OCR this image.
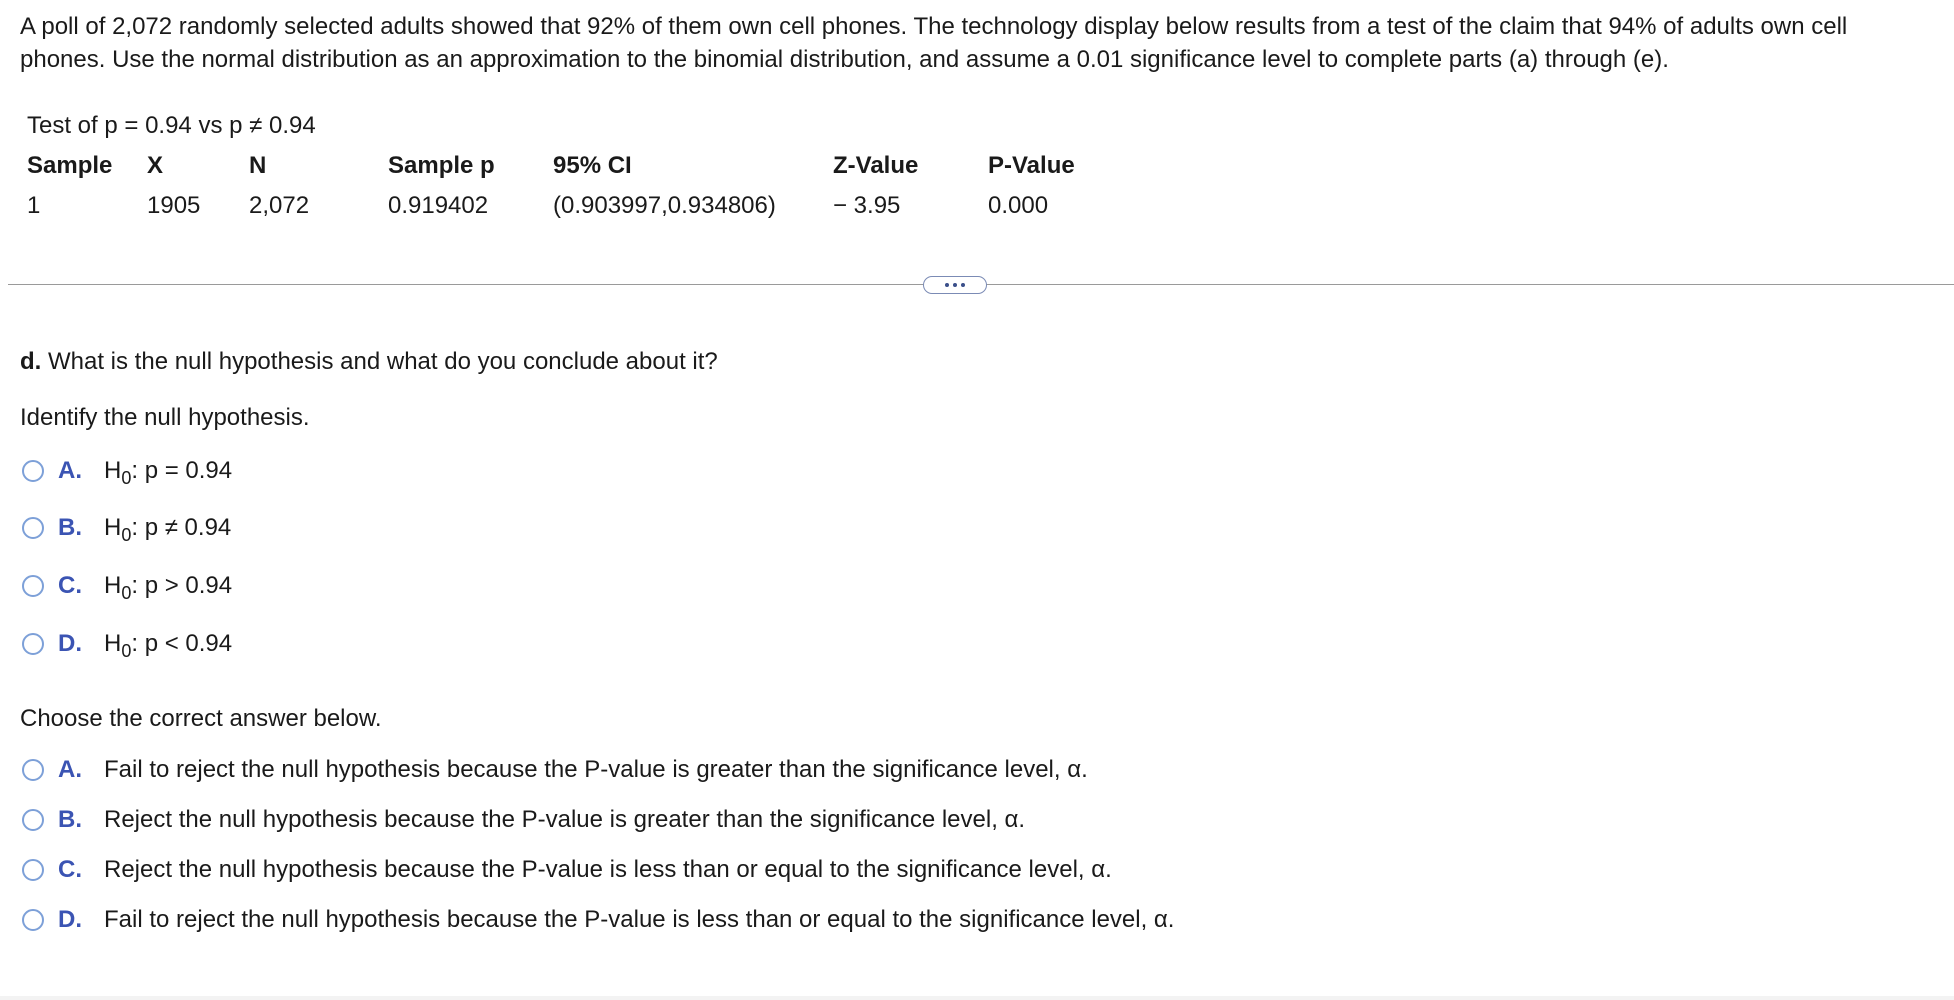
A poll of 2,072 randomly selected adults showed that 92% of them own cell phones. The technology display below results from a test of the claim that 94% of adults own cell phones. Use the normal distribution as an approximation to the binomial distribution, and assume a 0.01 significance level to complete parts (a) through (e).
Test of p = 0.94 vs p ≠ 0.94
Sample	X	N	Sample p	95% CI	Z-Value	P-Value
1	1905	2,072	0.919402	(0.903997,0.934806)	− 3.95	0.000
d. What is the null hypothesis and what do you conclude about it?
Identify the null hypothesis.
A. $H_0$: p = 0.94
B. $H_0$: p ≠ 0.94
C. $H_0$: p > 0.94
D. $H_0$: p < 0.94
Choose the correct answer below.
A. Fail to reject the null hypothesis because the P-value is greater than the significance level, α.
B. Reject the null hypothesis because the P-value is greater than the significance level, α.
C. Reject the null hypothesis because the P-value is less than or equal to the significance level, α.
D. Fail to reject the null hypothesis because the P-value is less than or equal to the significance level, α.
